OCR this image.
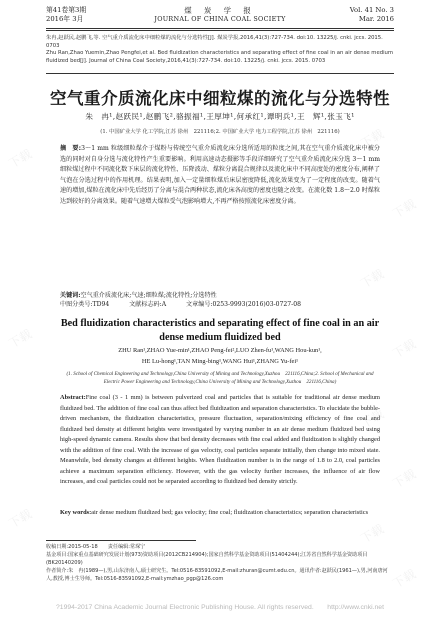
第41卷第3期
2016年 3月
煤 炭 学 报
JOURNAL OF CHINA COAL SOCIETY
Vol. 41 No. 3
Mar. 2016
朱冉,赵跃民,赵鹏飞,等. 空气重介质流化床中细粒煤的流化与分选特性[J]. 煤炭学报,2016,41(3):727-734. doi:10. 13225/j. cnki. jccs. 2015. 0703
Zhu Ran,Zhao Yuemin,Zhao Pengfei,et al. Bed fluidization characteristics and separating effect of fine coal in an air dense medium fluidized bed[J]. Journal of China Coal Society,2016,41(3):727-734. doi:10. 13225/j. cnki. jccs. 2015. 0703
空气重介质流化床中细粒煤的流化与分选特性
朱　冉¹,赵跃民¹,赵鹏飞²,骆振福¹,王厚坤¹,何承红¹,谭明兵¹,王　辉¹,张玉飞¹
(1. 中国矿业大学 化工学院,江苏 徐州　221116;2. 中国矿业大学 电力工程学院,江苏 徐州　221116)
摘　要:3～1 mm 粒级细粒煤介于煤粉与传统空气重介质流化床分选所适用的粒度之间,其在空气重介质流化床中被分选的同时对自身分选与流化特性产生重要影响。利用高速动态摄影等手段详细研究了空气重介质流化床分选 3～1 mm 细粒煤过程中不同流化数下床层的流化特性、压降波动、煤粒分离混合规律以及流化床中不同高度处的密度分布,阐释了气泡在分选过程中的作用机理。结果表明,加入一定量细粒煤后床层密度降低,流化效果变为了一定程度的改变。随着气速的增加,煤粒在流化床中先后经历了分离与混合两种状态,流化床各高度的密度也随之改变。在流化数 1.8～2.0 时煤粒达到较好的分离效果。随着气速增大煤粒受气泡影响增大,不再严格按照流化床密度分离。
关键词:空气重介质流化床;气速;细粒煤;流化特性;分选特性
中图分类号:TD94	文献标志码:A	文章编号:0253-9993(2016)03-0727-08
Bed fluidization characteristics and separating effect of fine coal in an air dense medium fluidized bed
ZHU Ran¹,ZHAO Yue-min¹,ZHAO Peng-fei²,LUO Zhen-fu¹,WANG Hou-kun¹,
HE Lu-hong¹,TAN Ming-bing¹,WANG Hui¹,ZHANG Yu-fei¹
(1. School of Chemical Engineering and Technology,China University of Mining and Technology,Xuzhou　221116,China;2. School of Mechanical and Electric Power Engineering and Technology,China University of Mining and Technology,Xuzhou　221116,China)
Abstract:Fine coal (3 - 1 mm) is between pulverized coal and particles that is suitable for traditional air dense medium fluidized bed. The addition of fine coal can thus affect bed fluidization and separation characteristics. To elucidate the bubble-driven mechanism, the fluidization characteristics, pressure fluctuation, separation/mixing efficiency of fine coal and fluidized bed density at different heights were investigated by varying number in an air dense medium fluidized bed using high-speed dynamic camera. Results show that bed density decreases with fine coal added and fluidization is slightly changed with the addition of fine coal. With the increase of gas velocity, coal particles separate initially, then change into mixed state. Meanwhile, bed density changes at different heights. When fluidization number is in the range of 1.8 to 2.0, coal particles achieve a maximum separation efficiency. However, with the gas velocity further increases, the influence of air flow increases, and coal particles could not be separated according to fluidized bed density strictly.
Key words:air dense medium fluidized bed; gas velocity; fine coal; fluidization characteristics; separation characteristics
收稿日期:2015-05-18　　责任编辑:常琛宁
基金项目:国家重点基础研究发展计划(973)资助项目(2012CB214904);国家自然科学基金资助项目(51404244);江苏省自然科学基金资助项目(BK20140209)
作者简介:朱　冉(1989—),男,山东济南人,硕士研究生。Tel:0516-83591092,E-mail:zhuran@cumt.edu.cn。通讯作者:赵跃民(1961—),男,河南唐河人,教授,博士生导师。Tel:0516-83591092,E-mail:ymzhao_pgp@126.com
?1994-2017 China Academic Journal Electronic Publishing House. All rights reserved.　　http://www.cnki.net
下载
下载
下载
下载
下载
下载
下载
下载
下载
下载
下载
